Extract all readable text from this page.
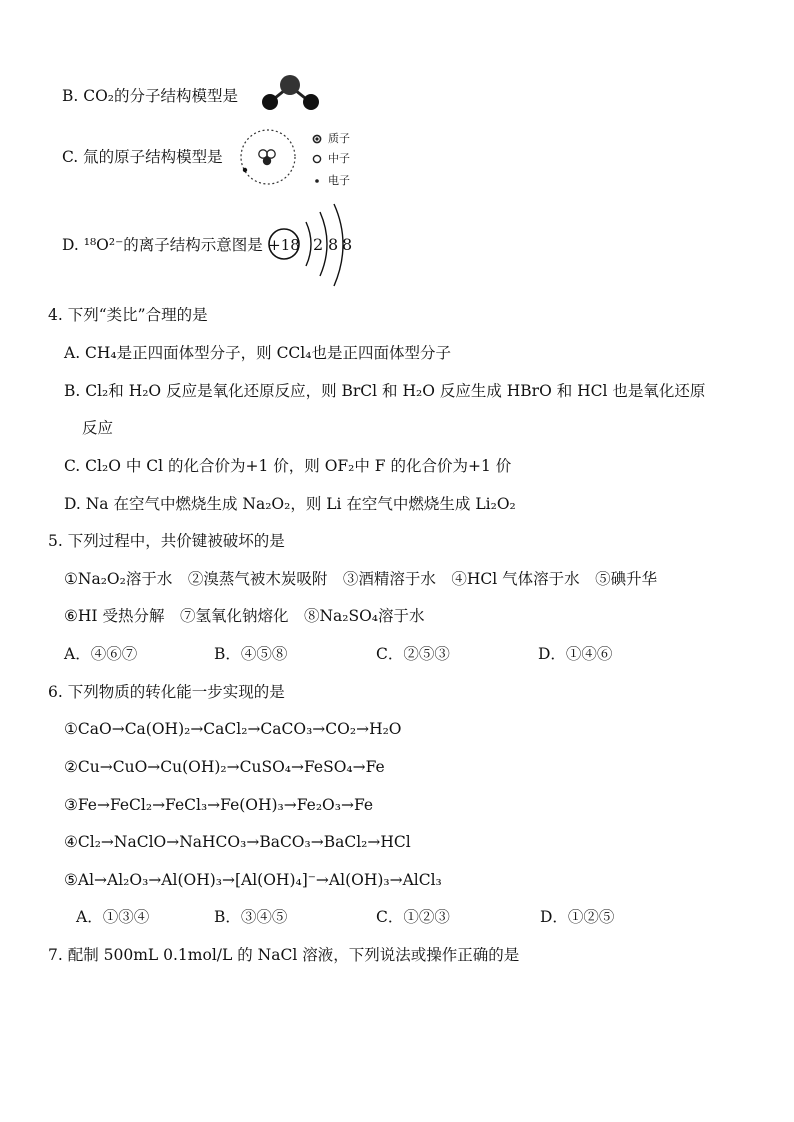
B. CO₂的分子结构模型是
C. 氚的原子结构模型是
质子
中子
电子
D. ¹⁸O²⁻的离子结构示意图是 +18 2 8 8
4. 下列“类比”合理的是
A. CH₄是正四面体型分子，则 CCl₄也是正四面体型分子
B. Cl₂和 H₂O 反应是氧化还原反应，则 BrCl 和 H₂O 反应生成 HBrO 和 HCl 也是氧化还原
反应
C. Cl₂O 中 Cl 的化合价为+1 价，则 OF₂中 F 的化合价为+1 价
D. Na 在空气中燃烧生成 Na₂O₂，则 Li 在空气中燃烧生成 Li₂O₂
5. 下列过程中，共价键被破坏的是
①Na₂O₂溶于水　②溴蒸气被木炭吸附　③酒精溶于水　④HCl 气体溶于水　⑤碘升华
⑥HI 受热分解　⑦氢氧化钠熔化　⑧Na₂SO₄溶于水
A．④⑥⑦	B．④⑤⑧	C．②⑤③	D．①④⑥
6. 下列物质的转化能一步实现的是
①CaO→Ca(OH)₂→CaCl₂→CaCO₃→CO₂→H₂O
②Cu→CuO→Cu(OH)₂→CuSO₄→FeSO₄→Fe
③Fe→FeCl₂→FeCl₃→Fe(OH)₃→Fe₂O₃→Fe
④Cl₂→NaClO→NaHCO₃→BaCO₃→BaCl₂→HCl
⑤Al→Al₂O₃→Al(OH)₃→[Al(OH)₄]⁻→Al(OH)₃→AlCl₃
A．①③④	B．③④⑤	C．①②③	D．①②⑤
7. 配制 500mL 0.1mol/L 的 NaCl 溶液，下列说法或操作正确的是
